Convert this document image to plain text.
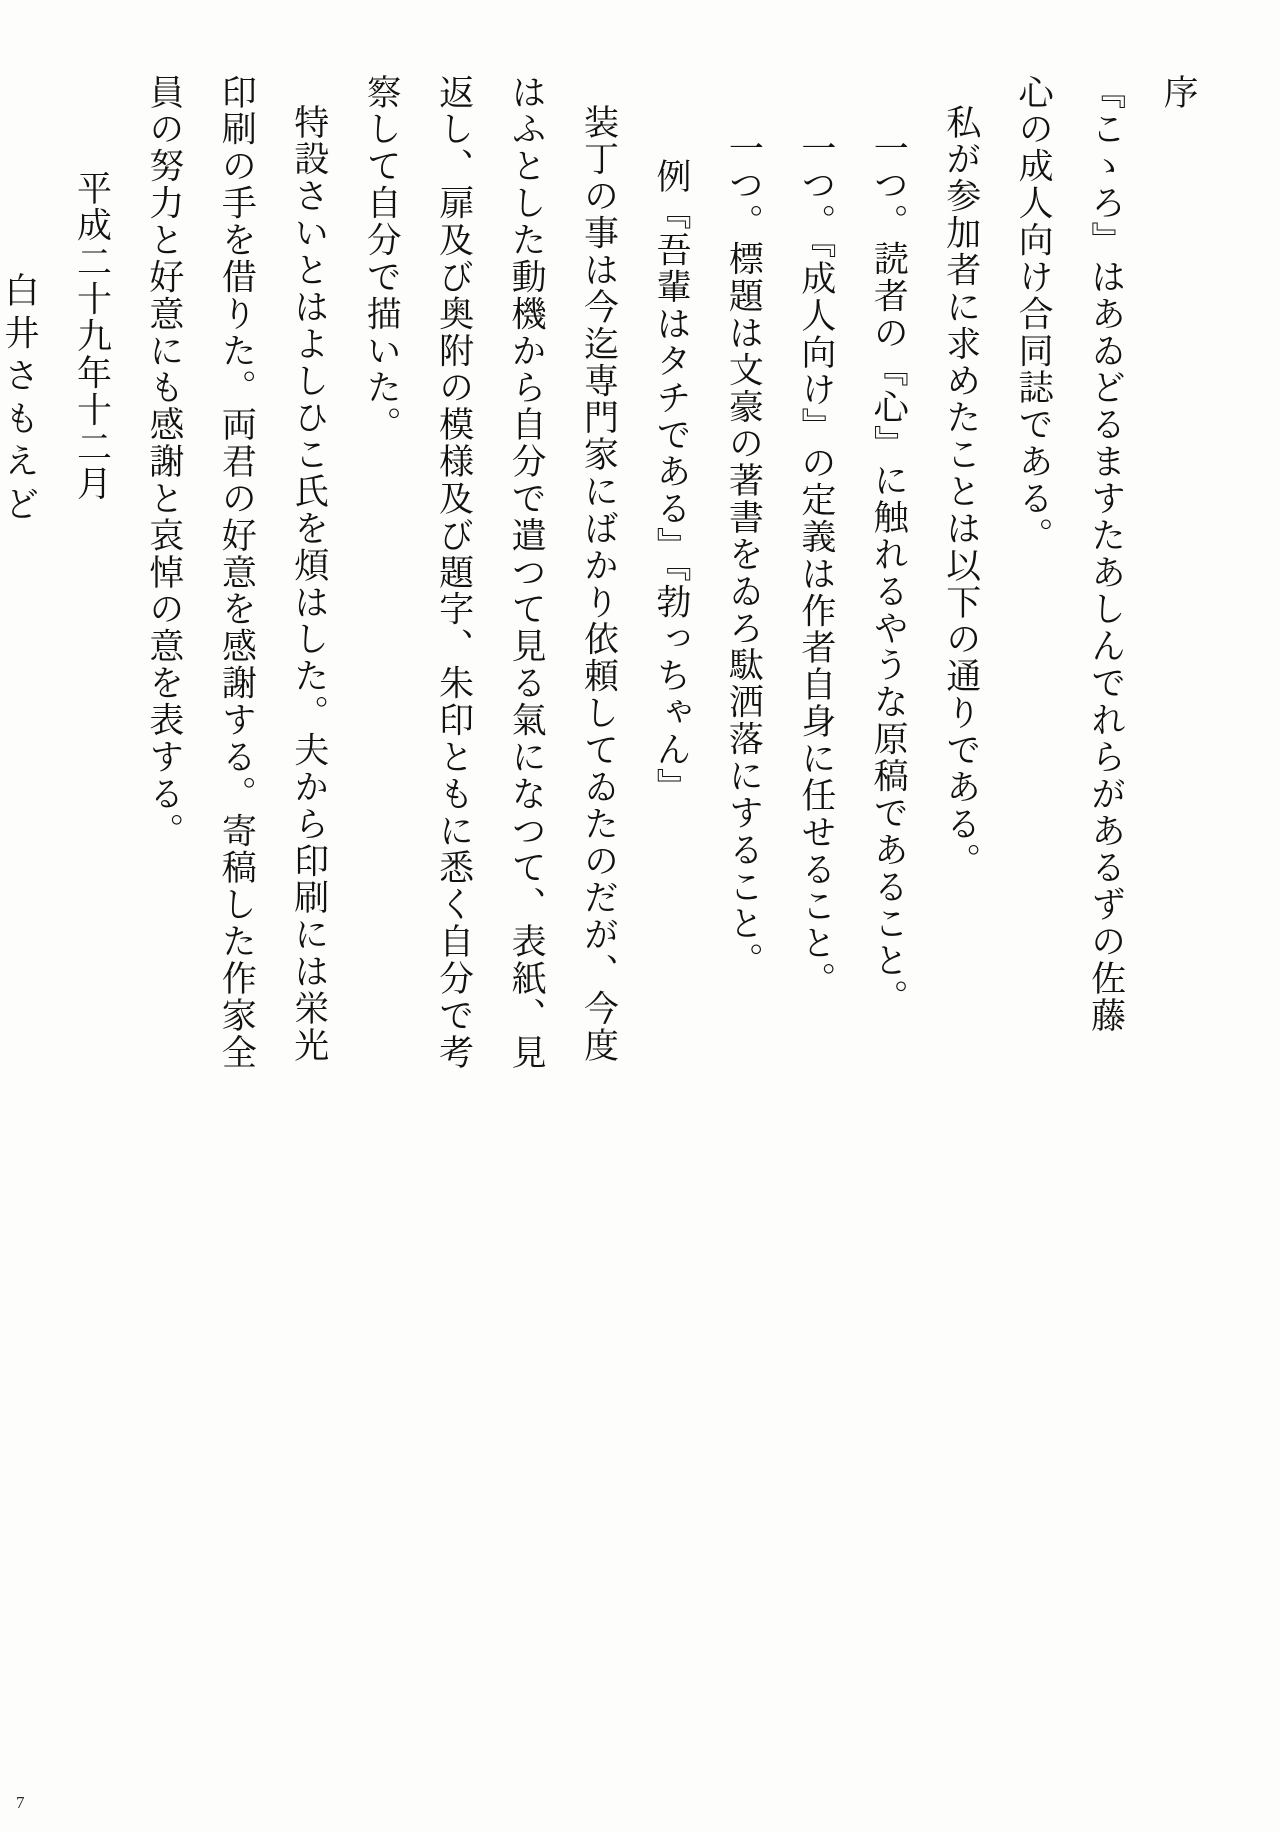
序
『こゝろ』はあゐどるますたあしんでれらがあるずの佐藤
心の成人向け合同誌である。
私が参加者に求めたことは以下の通りである。
一つ。読者の『心』に触れるやうな原稿であること。
一つ。『成人向け』の定義は作者自身に任せること。
一つ。標題は文豪の著書をゐろ駄洒落にすること。
例『吾輩はタチである』『勃っちゃん』
装丁の事は今迄専門家にばかり依頼してゐたのだが、今度
はふとした動機から自分で遣つて見る氣になつて、表紙、見
返し、扉及び奥附の模様及び題字、朱印ともに悉く自分で考
察して自分で描いた。
特設さいとはよしひこ氏を煩はした。夫から印刷には栄光
印刷の手を借りた。両君の好意を感謝する。寄稿した作家全
員の努力と好意にも感謝と哀悼の意を表する。
平成二十九年十二月
白井さもえど
7
